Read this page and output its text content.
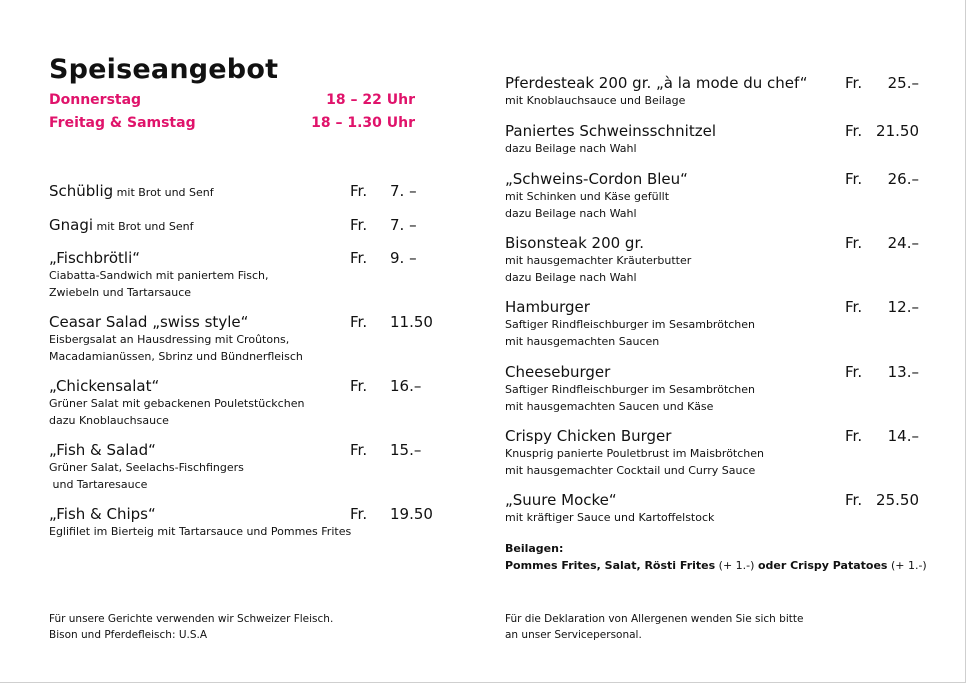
Speiseangebot
Donnerstag	18 – 22 Uhr
Freitag & Samstag	18 – 1.30 Uhr
Schüblig mit Brot und Senf	Fr. 7. –
Gnagi mit Brot und Senf	Fr. 7. –
„Fischbrötli“
Ciabatta-Sandwich mit paniertem Fisch,
Zwiebeln und Tartarsauce
Fr. 9. –
Ceasar Salad „swiss style“
Eisbergsalat an Hausdressing mit Croûtons,
Macadamianüssen, Sbrinz und Bündnerfleisch
Fr. 11.50
„Chickensalat“
Grüner Salat mit gebackenen Pouletstückchen
dazu Knoblauchsauce
Fr. 16.–
„Fish & Salad“
Grüner Salat, Seelachs-Fischfingers
und Tartaresauce
Fr. 15.–
„Fish & Chips“
Eglifilet im Bierteig mit Tartarsauce und Pommes Frites
Fr. 19.50
Pferdesteak 200 gr. „à la mode du chef“
mit Knoblauchsauce und Beilage
Fr.	25.–
Paniertes Schweinsschnitzel
dazu Beilage nach Wahl
Fr. 21.50
„Schweins-Cordon Bleu“
mit Schinken und Käse gefüllt
dazu Beilage nach Wahl
Fr.	26.–
Bisonsteak 200 gr.
mit hausgemachter Kräuterbutter
dazu Beilage nach Wahl
Fr.	24.–
Hamburger
Saftiger Rindfleischburger im Sesambrötchen
mit hausgemachten Saucen
Fr.	12.–
Cheeseburger
Saftiger Rindfleischburger im Sesambrötchen
mit hausgemachten Saucen und Käse
Fr.	13.–
Crispy Chicken Burger
Knusprig panierte Pouletbrust im Maisbrötchen
mit hausgemachter Cocktail und Curry Sauce
Fr.	14.–
„Suure Mocke“
mit kräftiger Sauce und Kartoffelstock
Fr. 25.50
Beilagen:
Pommes Frites, Salat, Rösti Frites (+ 1.-) oder Crispy Patatoes (+ 1.-)
Für unsere Gerichte verwenden wir Schweizer Fleisch.
Bison und Pferdefleisch: U.S.A
Für die Deklaration von Allergenen wenden Sie sich bitte
an unser Servicepersonal.
